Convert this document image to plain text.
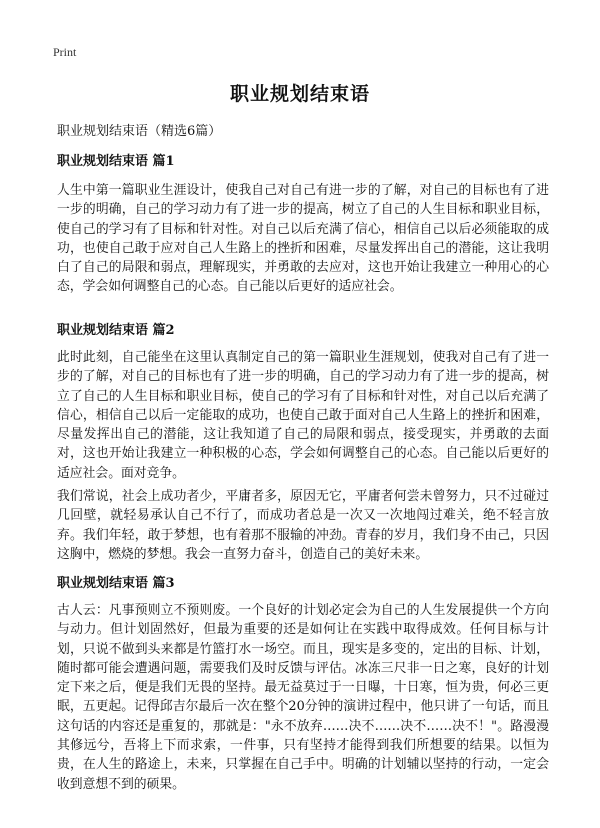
Print
职业规划结束语

职业规划结束语（精选6篇）

职业规划结束语 篇1

人生中第一篇职业生涯设计，使我自己对自己有进一步的了解，对自己的目标也有了进一步的明确，自己的学习动力有了进一步的提高，树立了自己的人生目标和职业目标，使自己的学习有了目标和针对性。对自己以后充满了信心，相信自己以后必须能取的成功，也使自己敢于应对自己人生路上的挫折和困难，尽量发挥出自己的潜能，这让我明白了自己的局限和弱点，理解现实，并勇敢的去应对，这也开始让我建立一种用心的心态，学会如何调整自己的心态。自己能以后更好的适应社会。

职业规划结束语 篇2

此时此刻，自己能坐在这里认真制定自己的第一篇职业生涯规划，使我对自己有了进一步的了解，对自己的目标也有了进一步的明确，自己的学习动力有了进一步的提高，树立了自己的人生目标和职业目标，使自己的学习有了目标和针对性，对自己以后充满了信心，相信自己以后一定能取的成功，也使自己敢于面对自己人生路上的挫折和困难，尽量发挥出自己的潜能，这让我知道了自己的局限和弱点，接受现实，并勇敢的去面对，这也开始让我建立一种积极的心态，学会如何调整自己的心态。自己能以后更好的适应社会。面对竞争。

我们常说，社会上成功者少，平庸者多，原因无它，平庸者何尝未曾努力，只不过碰过几回壁，就轻易承认自己不行了，而成功者总是一次又一次地闯过难关，绝不轻言放弃。我们年轻，敢于梦想，也有着那不服输的冲劲。青春的岁月，我们身不由己，只因这胸中，燃烧的梦想。我会一直努力奋斗，创造自己的美好未来。

职业规划结束语 篇3

古人云：凡事预则立不预则废。一个良好的计划必定会为自己的人生发展提供一个方向与动力。但计划固然好，但最为重要的还是如何让在实践中取得成效。任何目标与计划，只说不做到头来都是竹篮打水一场空。而且，现实是多变的，定出的目标、计划，随时都可能会遭遇问题，需要我们及时反馈与评估。冰冻三尺非一日之寒，良好的计划定下来之后，便是我们无畏的坚持。最无益莫过于一日曝，十日寒，恒为贵，何必三更眠，五更起。记得邱吉尔最后一次在整个20分钟的演讲过程中，他只讲了一句话，而且这句话的内容还是重复的，那就是："永不放弃……决不……决不……决不！"。路漫漫其修远兮，吾将上下而求索，一件事，只有坚持才能得到我们所想要的结果。以恒为贵，在人生的路途上，未来，只掌握在自己手中。明确的计划辅以坚持的行动，一定会收到意想不到的硕果。
